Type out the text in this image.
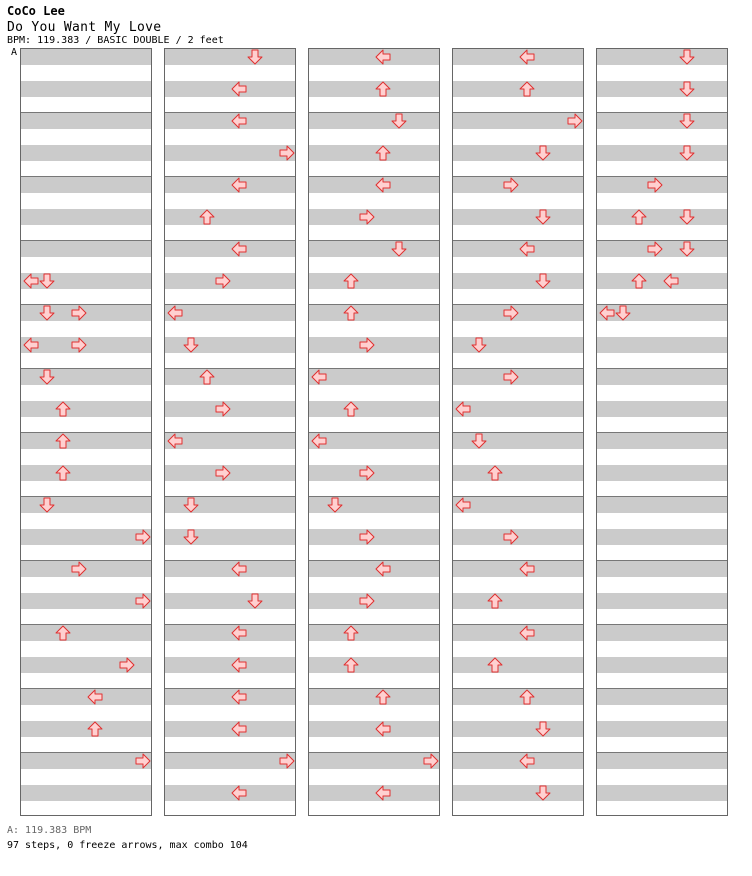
CoCo Lee
Do You Want My Love
BPM: 119.383 / BASIC DOUBLE / 2 feet
A
A: 119.383 BPM
97 steps, 0 freeze arrows, max combo 104
